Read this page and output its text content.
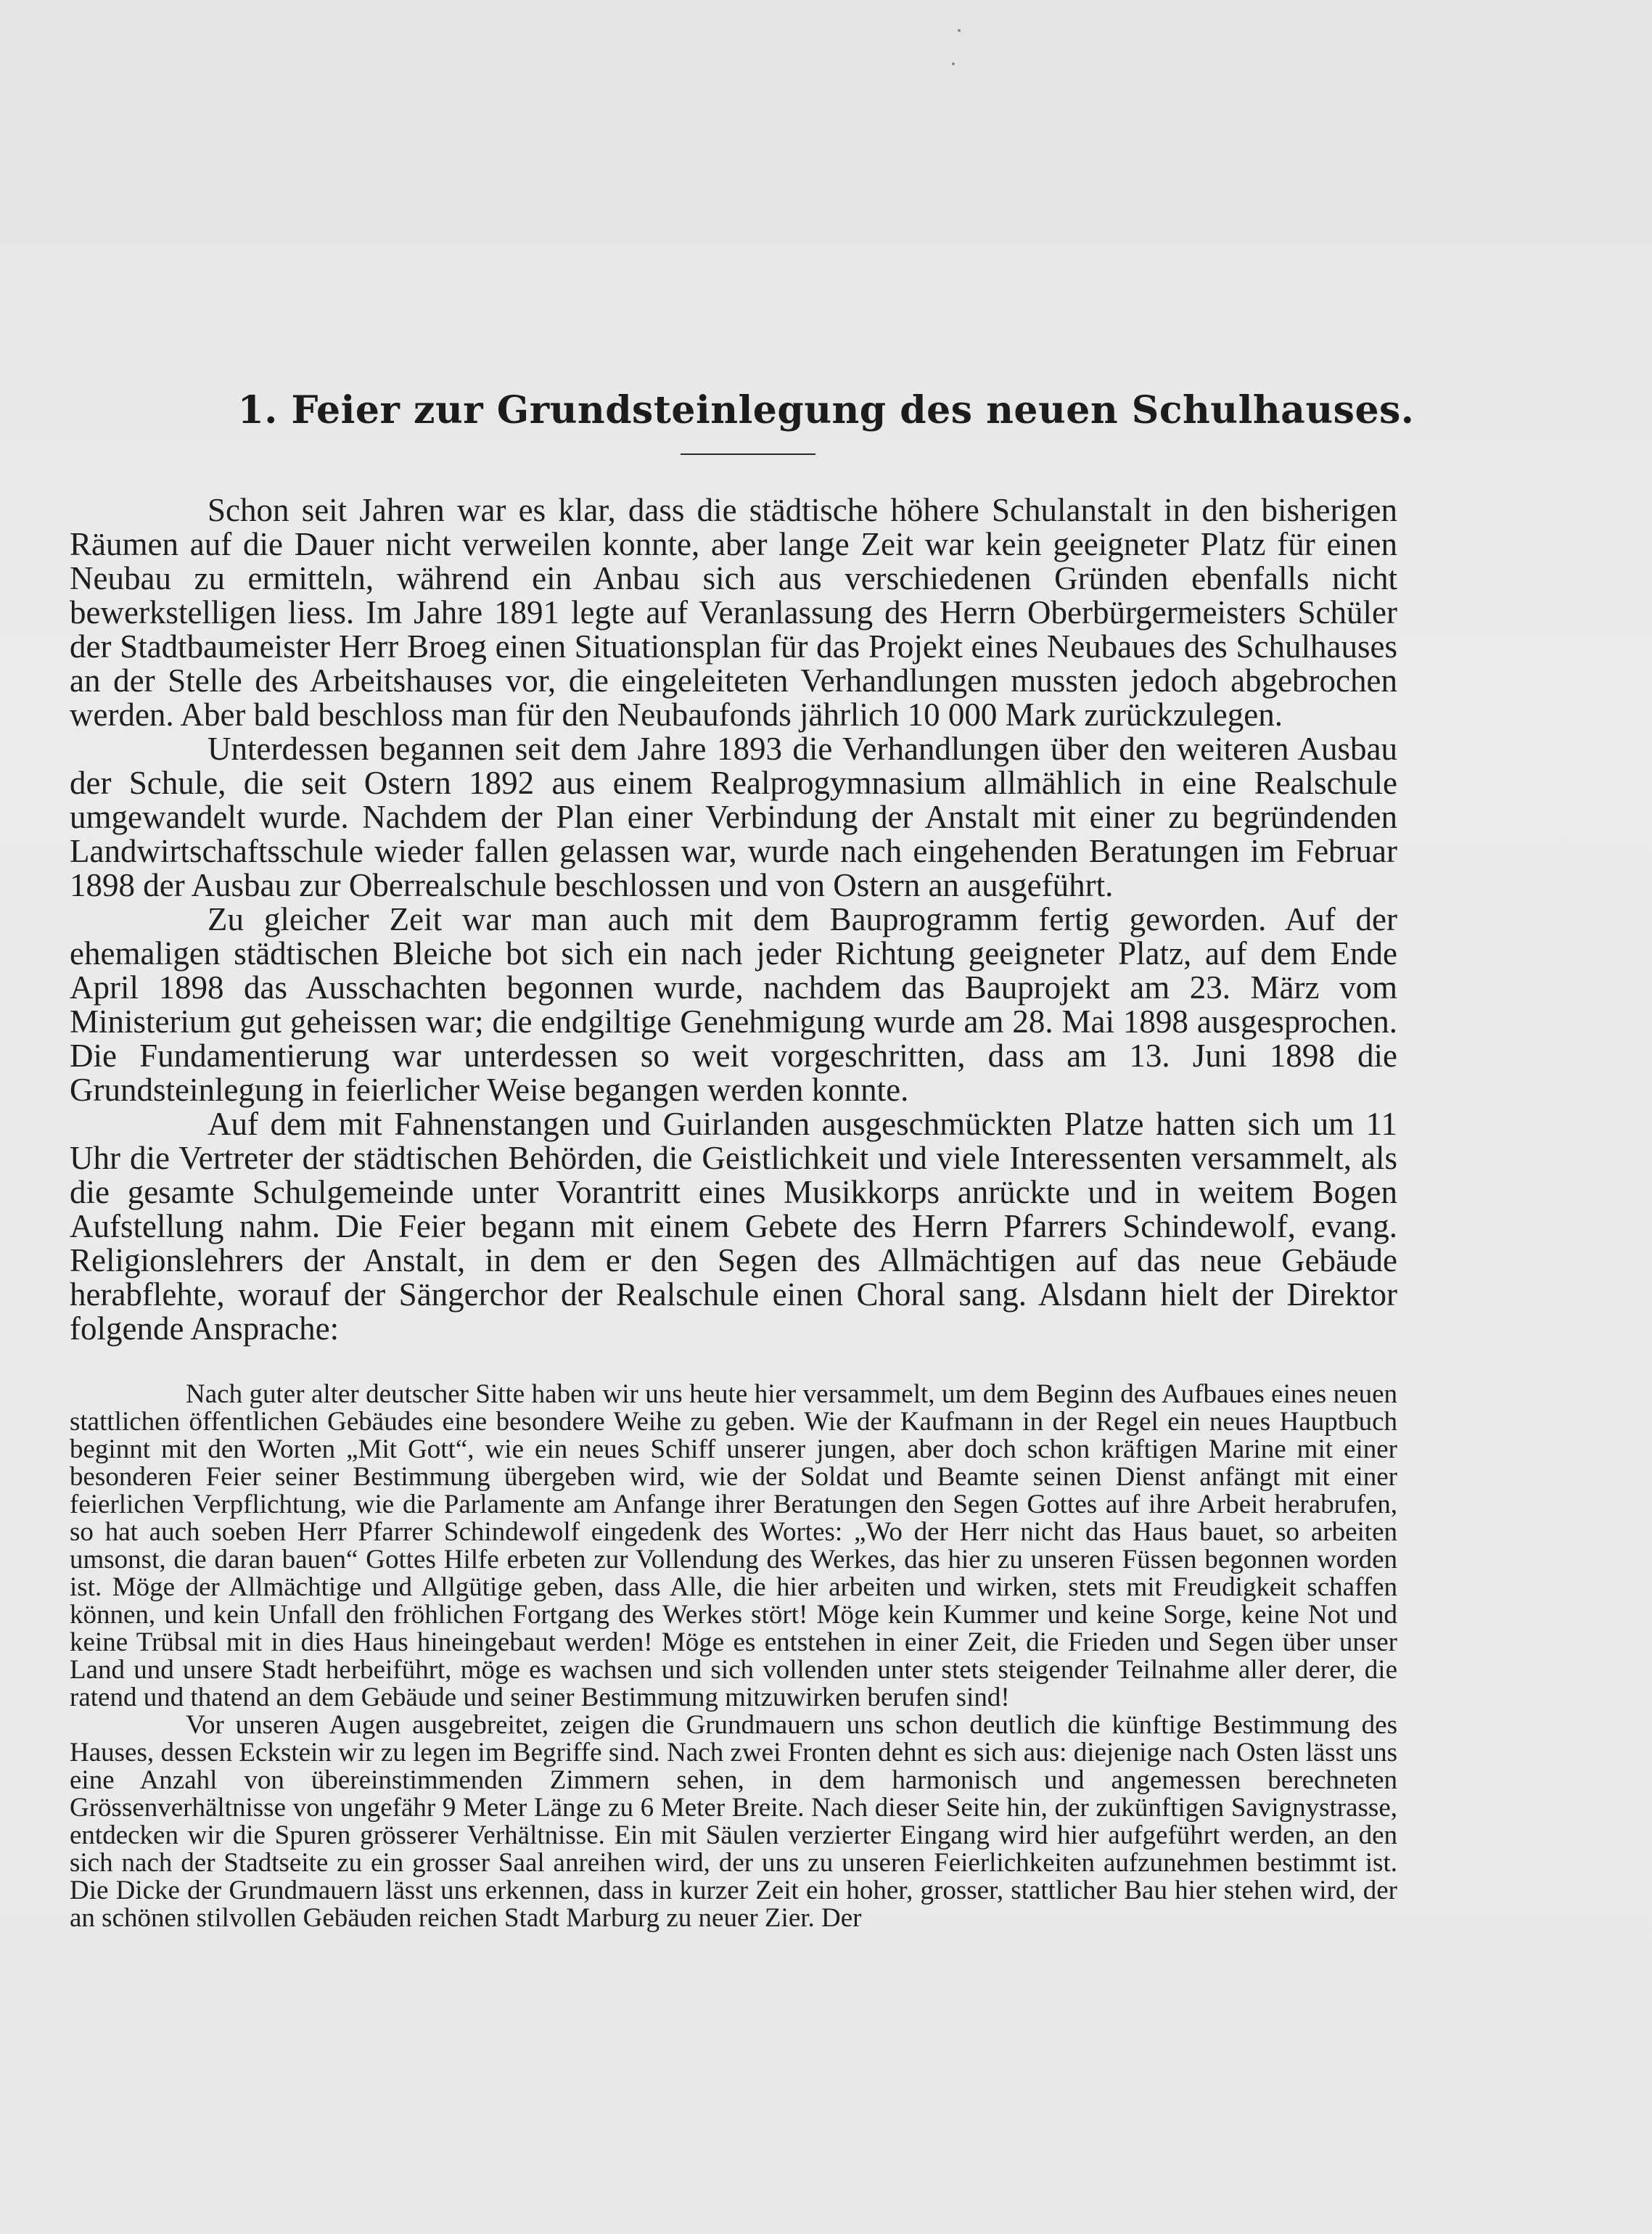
1. Feier zur Grundsteinlegung des neuen Schulhauses.

Schon seit Jahren war es klar, dass die städtische höhere Schulanstalt in den bisherigen Räumen auf die Dauer nicht verweilen konnte, aber lange Zeit war kein geeigneter Platz für einen Neubau zu ermitteln, während ein Anbau sich aus verschiedenen Gründen ebenfalls nicht bewerkstelligen liess. Im Jahre 1891 legte auf Veranlassung des Herrn Oberbürgermeisters Schüler der Stadtbaumeister Herr Broeg einen Situationsplan für das Projekt eines Neubaues des Schulhauses an der Stelle des Arbeitshauses vor, die eingeleiteten Verhandlungen mussten jedoch abgebrochen werden. Aber bald beschloss man für den Neubaufonds jährlich 10 000 Mark zurückzulegen.

Unterdessen begannen seit dem Jahre 1893 die Verhandlungen über den weiteren Ausbau der Schule, die seit Ostern 1892 aus einem Realprogymnasium allmählich in eine Realschule umgewandelt wurde. Nachdem der Plan einer Verbindung der Anstalt mit einer zu begründenden Landwirtschaftsschule wieder fallen gelassen war, wurde nach eingehenden Beratungen im Februar 1898 der Ausbau zur Oberrealschule beschlossen und von Ostern an ausgeführt.

Zu gleicher Zeit war man auch mit dem Bauprogramm fertig geworden. Auf der ehemaligen städtischen Bleiche bot sich ein nach jeder Richtung geeigneter Platz, auf dem Ende April 1898 das Ausschachten begonnen wurde, nachdem das Bauprojekt am 23. März vom Ministerium gut geheissen war; die endgiltige Genehmigung wurde am 28. Mai 1898 ausgesprochen. Die Fundamentierung war unterdessen so weit vorgeschritten, dass am 13. Juni 1898 die Grundsteinlegung in feierlicher Weise begangen werden konnte.

Auf dem mit Fahnenstangen und Guirlanden ausgeschmückten Platze hatten sich um 11 Uhr die Vertreter der städtischen Behörden, die Geistlichkeit und viele Interessenten versammelt, als die gesamte Schulgemeinde unter Vorantritt eines Musikkorps anrückte und in weitem Bogen Aufstellung nahm. Die Feier begann mit einem Gebete des Herrn Pfarrers Schindewolf, evang. Religionslehrers der Anstalt, in dem er den Segen des Allmächtigen auf das neue Gebäude herabflehte, worauf der Sängerchor der Realschule einen Choral sang. Alsdann hielt der Direktor folgende Ansprache:

Nach guter alter deutscher Sitte haben wir uns heute hier versammelt, um dem Beginn des Aufbaues eines neuen stattlichen öffentlichen Gebäudes eine besondere Weihe zu geben. Wie der Kaufmann in der Regel ein neues Hauptbuch beginnt mit den Worten „Mit Gott“, wie ein neues Schiff unserer jungen, aber doch schon kräftigen Marine mit einer besonderen Feier seiner Bestimmung übergeben wird, wie der Soldat und Beamte seinen Dienst anfängt mit einer feierlichen Verpflichtung, wie die Parlamente am Anfange ihrer Beratungen den Segen Gottes auf ihre Arbeit herabrufen, so hat auch soeben Herr Pfarrer Schindewolf eingedenk des Wortes: „Wo der Herr nicht das Haus bauet, so arbeiten umsonst, die daran bauen“ Gottes Hilfe erbeten zur Vollendung des Werkes, das hier zu unseren Füssen begonnen worden ist. Möge der Allmächtige und Allgütige geben, dass Alle, die hier arbeiten und wirken, stets mit Freudigkeit schaffen können, und kein Unfall den fröhlichen Fortgang des Werkes stört! Möge kein Kummer und keine Sorge, keine Not und keine Trübsal mit in dies Haus hineingebaut werden! Möge es entstehen in einer Zeit, die Frieden und Segen über unser Land und unsere Stadt herbeiführt, möge es wachsen und sich vollenden unter stets steigender Teilnahme aller derer, die ratend und thatend an dem Gebäude und seiner Bestimmung mitzuwirken berufen sind!

Vor unseren Augen ausgebreitet, zeigen die Grundmauern uns schon deutlich die künftige Bestimmung des Hauses, dessen Eckstein wir zu legen im Begriffe sind. Nach zwei Fronten dehnt es sich aus: diejenige nach Osten lässt uns eine Anzahl von übereinstimmenden Zimmern sehen, in dem harmonisch und angemessen berechneten Grössenverhältnisse von ungefähr 9 Meter Länge zu 6 Meter Breite. Nach dieser Seite hin, der zukünftigen Savignystrasse, entdecken wir die Spuren grösserer Verhältnisse. Ein mit Säulen verzierter Eingang wird hier aufgeführt werden, an den sich nach der Stadtseite zu ein grosser Saal anreihen wird, der uns zu unseren Feierlichkeiten aufzunehmen bestimmt ist. Die Dicke der Grundmauern lässt uns erkennen, dass in kurzer Zeit ein hoher, grosser, stattlicher Bau hier stehen wird, der an schönen stilvollen Gebäuden reichen Stadt Marburg zu neuer Zier. Der
